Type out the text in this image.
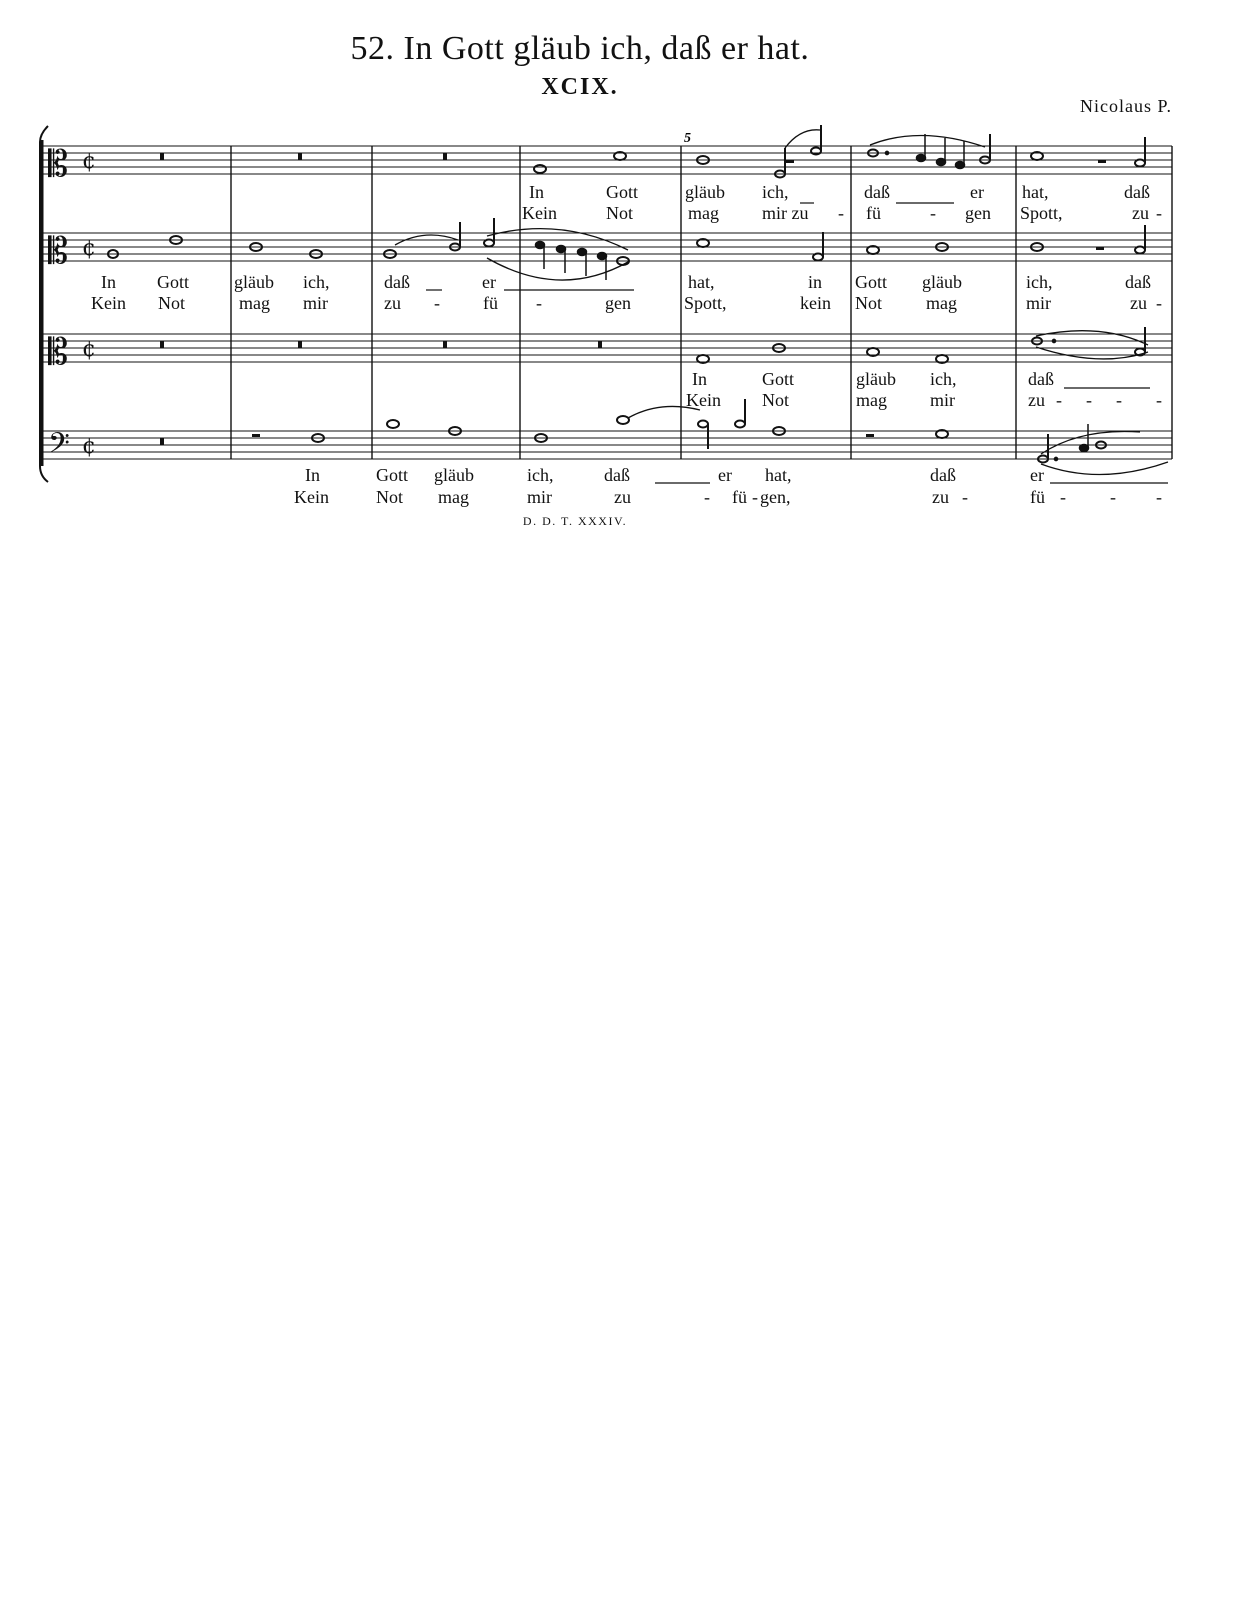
52. In Gott gläub ich, daß er hat.
XCIX.
Nicolaus P.
𝄡
𝄡
𝄡
𝄢
¢
¢
¢
¢
5
In	Gott	gläub ich,	daß	er hat,	daß
Kein	Not	mag mir zu - fü	- gen Spott,	zu -
In Gott gläub ich,	daß	er	hat,	in Gott gläub	ich,	daß
Kein Not	mag mir	zu - fü -	gen	Spott,	kein Not mag	mir	zu -
In	Gott	gläub ich,	daß
Kein Not	mag mir	zu - - - -
In	Gott gläub	ich,	daß	er hat,	daß	er
Kein	Not mag	mir	zu	- fü - gen,	zu -	fü - - -
D. D. T. XXXIV.
